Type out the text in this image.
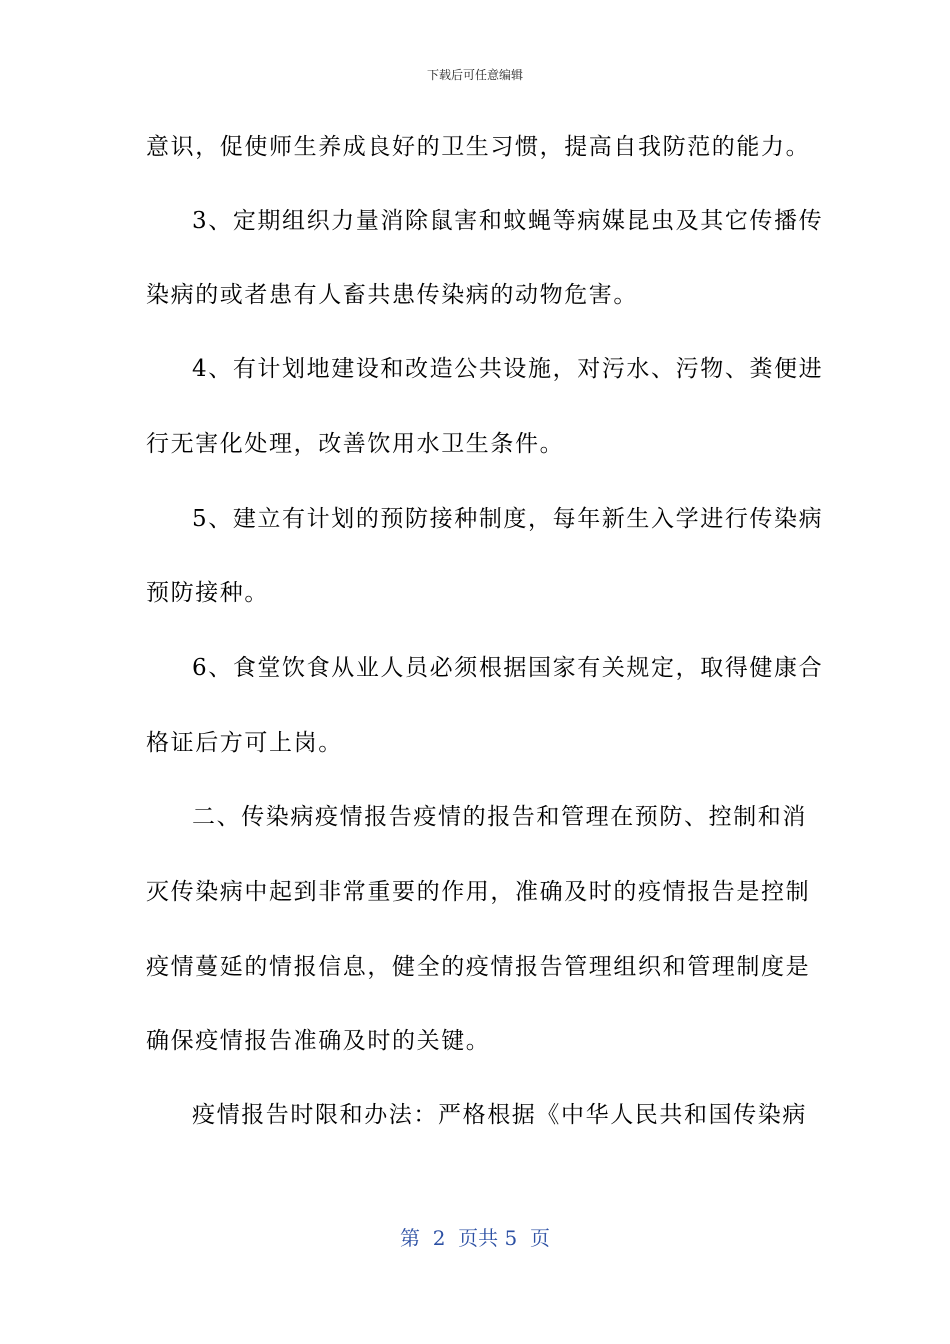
下载后可任意编辑
意识，促使师生养成良好的卫生习惯，提高自我防范的能力。
3、定期组织力量消除鼠害和蚊蝇等病媒昆虫及其它传播传
染病的或者患有人畜共患传染病的动物危害。
4、有计划地建设和改造公共设施，对污水、污物、粪便进
行无害化处理，改善饮用水卫生条件。
5、建立有计划的预防接种制度，每年新生入学进行传染病
预防接种。
6、食堂饮食从业人员必须根据国家有关规定，取得健康合
格证后方可上岗。
二、传染病疫情报告疫情的报告和管理在预防、控制和消
灭传染病中起到非常重要的作用，准确及时的疫情报告是控制
疫情蔓延的情报信息，健全的疫情报告管理组织和管理制度是
确保疫情报告准确及时的关键。
疫情报告时限和办法：严格根据《中华人民共和国传染病
第  2  页共 5  页
